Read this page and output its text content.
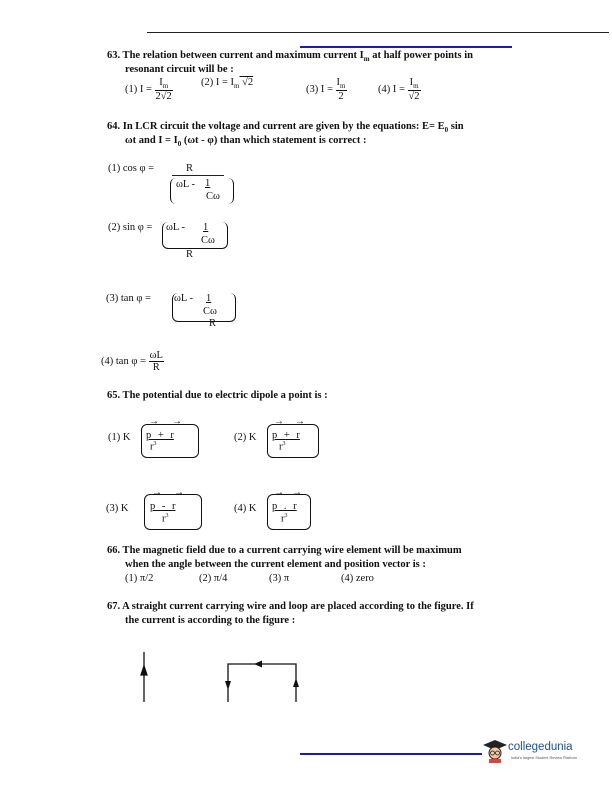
63. The relation between current and maximum current $I_m$ at half power points in
resonant circuit will be :
(1) $I = \frac{I_m}{2√2}$	(2) $I = I_m$ √2
(3) $I = \frac{I_m}{2}$	(4) $I = \frac{I_m}{√2}$
64. In LCR circuit the voltage and current are given by the equations: $E= E_0$ sin
ωt and $I = I_0$ (ωt - φ) than which statement is correct :
(1) cos φ =	R
ωL - 1
Cω
(2) sin φ = ωL - 1
Cω
R
(3) tan φ = ωL - 1
Cω
R
(4) $\tan \varphi = \frac{\omega L}{R}$
65. The potential due to electric dipole a point is :
(1) K
→ →
p + r
$r^3$
(2) K
→ →
p + r
$r^3$
(3) K
→ →
p - r
$r^3$
(4) K
→ →
p . r
$r^3$
66. The magnetic field due to a current carrying wire element will be maximum
when the angle between the current element and position vector is :
(1) π/2	(2) π/4	(3) π	(4) zero
67. A straight current carrying wire and loop are placed according to the figure. If
the current is according to the figure :
collegedunia
India's largest Student Review Platform
